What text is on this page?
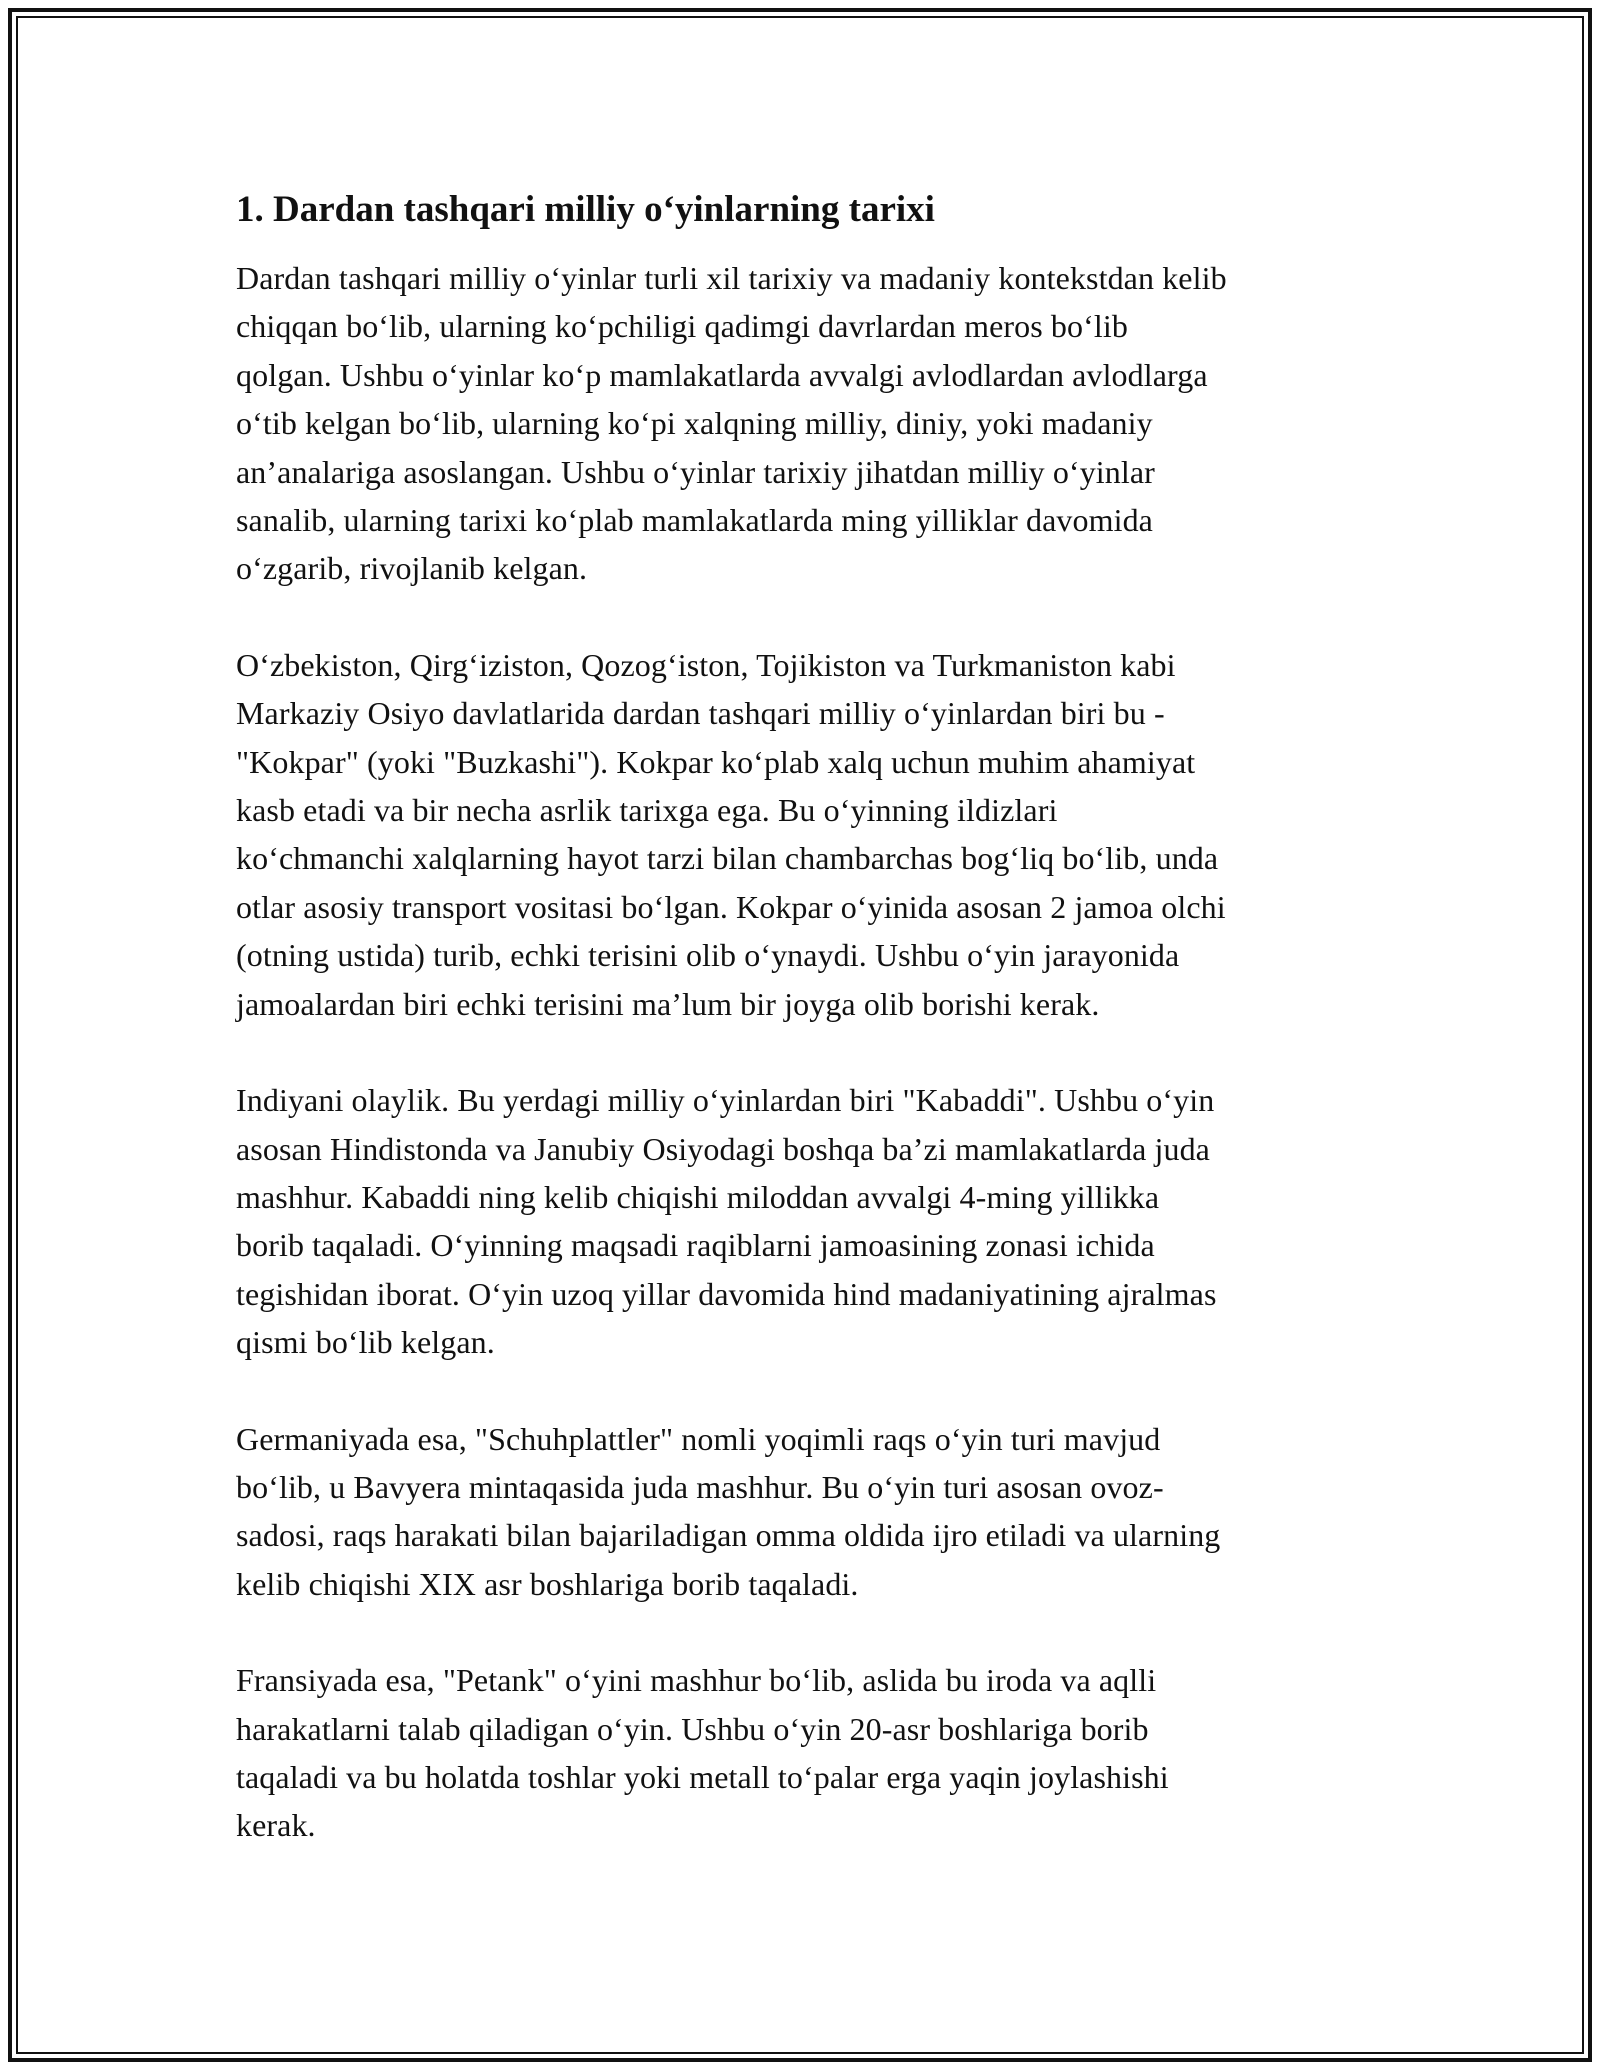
1. Dardan tashqari milliy o‘yinlarning tarixi

Dardan tashqari milliy o‘yinlar turli xil tarixiy va madaniy kontekstdan kelib
chiqqan bo‘lib, ularning ko‘pchiligi qadimgi davrlardan meros bo‘lib
qolgan. Ushbu o‘yinlar ko‘p mamlakatlarda avvalgi avlodlardan avlodlarga
o‘tib kelgan bo‘lib, ularning ko‘pi xalqning milliy, diniy, yoki madaniy
an’analariga asoslangan. Ushbu o‘yinlar tarixiy jihatdan milliy o‘yinlar
sanalib, ularning tarixi ko‘plab mamlakatlarda ming yilliklar davomida
o‘zgarib, rivojlanib kelgan.

O‘zbekiston, Qirg‘iziston, Qozog‘iston, Tojikiston va Turkmaniston kabi
Markaziy Osiyo davlatlarida dardan tashqari milliy o‘yinlardan biri bu -
"Kokpar" (yoki "Buzkashi"). Kokpar ko‘plab xalq uchun muhim ahamiyat
kasb etadi va bir necha asrlik tarixga ega. Bu o‘yinning ildizlari
ko‘chmanchi xalqlarning hayot tarzi bilan chambarchas bog‘liq bo‘lib, unda
otlar asosiy transport vositasi bo‘lgan. Kokpar o‘yinida asosan 2 jamoa olchi
(otning ustida) turib, echki terisini olib o‘ynaydi. Ushbu o‘yin jarayonida
jamoalardan biri echki terisini ma’lum bir joyga olib borishi kerak.

Indiyani olaylik. Bu yerdagi milliy o‘yinlardan biri "Kabaddi". Ushbu o‘yin
asosan Hindistonda va Janubiy Osiyodagi boshqa ba’zi mamlakatlarda juda
mashhur. Kabaddi ning kelib chiqishi miloddan avvalgi 4-ming yillikka
borib taqaladi. O‘yinning maqsadi raqiblarni jamoasining zonasi ichida
tegishidan iborat. O‘yin uzoq yillar davomida hind madaniyatining ajralmas
qismi bo‘lib kelgan.

Germaniyada esa, "Schuhplattler" nomli yoqimli raqs o‘yin turi mavjud
bo‘lib, u Bavyera mintaqasida juda mashhur. Bu o‘yin turi asosan ovoz-
sadosi, raqs harakati bilan bajariladigan omma oldida ijro etiladi va ularning
kelib chiqishi XIX asr boshlariga borib taqaladi.

Fransiyada esa, "Petank" o‘yini mashhur bo‘lib, aslida bu iroda va aqlli
harakatlarni talab qiladigan o‘yin. Ushbu o‘yin 20-asr boshlariga borib
taqaladi va bu holatda toshlar yoki metall to‘palar erga yaqin joylashishi
kerak.
